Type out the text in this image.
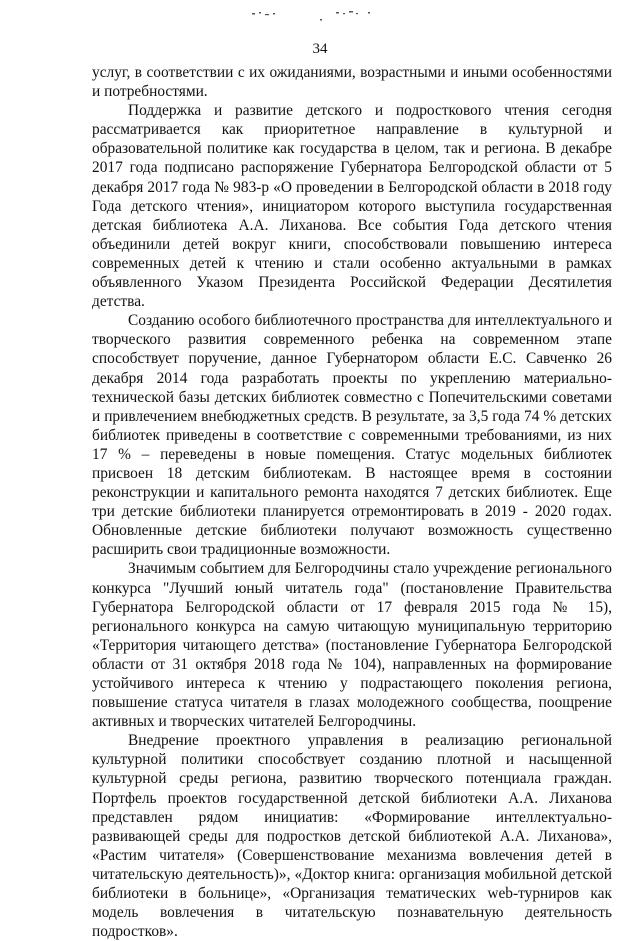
34

услуг, в соответствии с их ожиданиями, возрастными и иными особенностями и потребностями.

Поддержка и развитие детского и подросткового чтения сегодня рассматривается как приоритетное направление в культурной и образовательной политике как государства в целом, так и региона. В декабре 2017 года подписано распоряжение Губернатора Белгородской области от 5 декабря 2017 года № 983-р «О проведении в Белгородской области в 2018 году Года детского чтения», инициатором которого выступила государственная детская библиотека А.А. Лиханова. Все события Года детского чтения объединили детей вокруг книги, способствовали повышению интереса современных детей к чтению и стали особенно актуальными в рамках объявленного Указом Президента Российской Федерации Десятилетия детства.

Созданию особого библиотечного пространства для интеллектуального и творческого развития современного ребенка на современном этапе способствует поручение, данное Губернатором области Е.С. Савченко 26 декабря 2014 года разработать проекты по укреплению материально-технической базы детских библиотек совместно с Попечительскими советами и привлечением внебюджетных средств. В результате, за 3,5 года 74 % детских библиотек приведены в соответствие с современными требованиями, из них 17 % – переведены в новые помещения. Статус модельных библиотек присвоен 18 детским библиотекам. В настоящее время в состоянии реконструкции и капитального ремонта находятся 7 детских библиотек. Еще три детские библиотеки планируется отремонтировать в 2019 - 2020 годах. Обновленные детские библиотеки получают возможность существенно расширить свои традиционные возможности.

Значимым событием для Белгородчины стало учреждение регионального конкурса "Лучший юный читатель года" (постановление Правительства Губернатора Белгородской области от 17 февраля 2015 года № 15), регионального конкурса на самую читающую муниципальную территорию «Территория читающего детства» (постановление Губернатора Белгородской области от 31 октября 2018 года № 104), направленных на формирование устойчивого интереса к чтению у подрастающего поколения региона, повышение статуса читателя в глазах молодежного сообщества, поощрение активных и творческих читателей Белгородчины.

Внедрение проектного управления в реализацию региональной культурной политики способствует созданию плотной и насыщенной культурной среды региона, развитию творческого потенциала граждан. Портфель проектов государственной детской библиотеки А.А. Лиханова представлен рядом инициатив: «Формирование интеллектуально-развивающей среды для подростков детской библиотекой А.А. Лиханова», «Растим читателя» (Совершенствование механизма вовлечения детей в читательскую деятельность)», «Доктор книга: организация мобильной детской библиотеки в больнице», «Организация тематических web-турниров как модель вовлечения в читательскую познавательную деятельность подростков».
